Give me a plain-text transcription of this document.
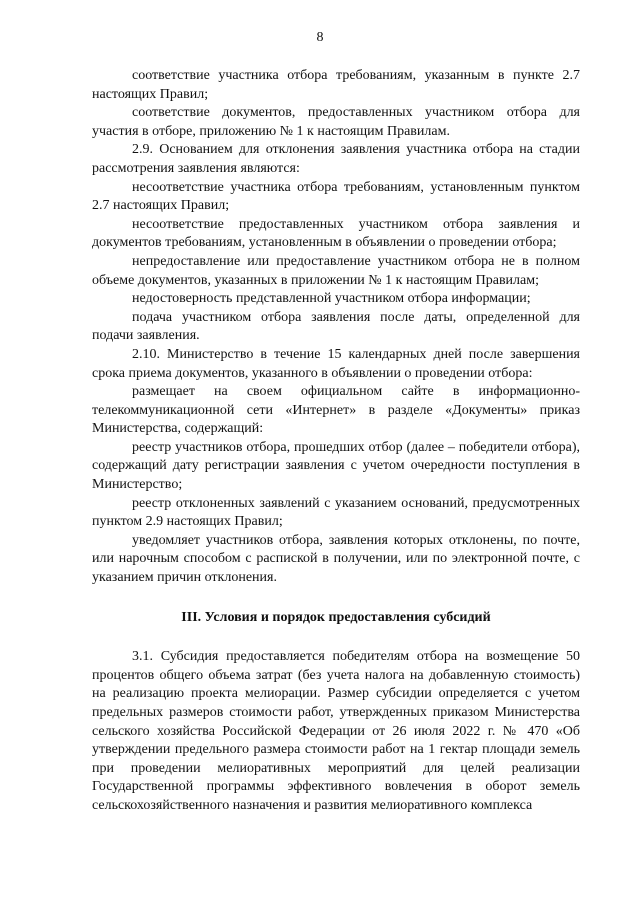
8

соответствие участника отбора требованиям, указанным в пункте 2.7 настоящих Правил;

соответствие документов, предоставленных участником отбора для участия в отборе, приложению № 1 к настоящим Правилам.

2.9. Основанием для отклонения заявления участника отбора на стадии рассмотрения заявления являются:

несоответствие участника отбора требованиям, установленным пунктом 2.7 настоящих Правил;

несоответствие предоставленных участником отбора заявления и документов требованиям, установленным в объявлении о проведении отбора;

непредоставление или предоставление участником отбора не в полном объеме документов, указанных в приложении № 1 к настоящим Правилам;

недостоверность представленной участником отбора информации;

подача участником отбора заявления после даты, определенной для подачи заявления.

2.10. Министерство в течение 15 календарных дней после завершения срока приема документов, указанного в объявлении о проведении отбора:

размещает на своем официальном сайте в информационно-телекоммуникационной сети «Интернет» в разделе «Документы» приказ Министерства, содержащий:

реестр участников отбора, прошедших отбор (далее – победители отбора), содержащий дату регистрации заявления с учетом очередности поступления в Министерство;

реестр отклоненных заявлений с указанием оснований, предусмотренных пунктом 2.9 настоящих Правил;

уведомляет участников отбора, заявления которых отклонены, по почте, или нарочным способом с распиской в получении, или по электронной почте, с указанием причин отклонения.

III. Условия и порядок предоставления субсидий

3.1. Субсидия предоставляется победителям отбора на возмещение 50 процентов общего объема затрат (без учета налога на добавленную стоимость) на реализацию проекта мелиорации. Размер субсидии определяется с учетом предельных размеров стоимости работ, утвержденных приказом Министерства сельского хозяйства Российской Федерации от 26 июля 2022 г. № 470 «Об утверждении предельного размера стоимости работ на 1 гектар площади земель при проведении мелиоративных мероприятий для целей реализации Государственной программы эффективного вовлечения в оборот земель сельскохозяйственного назначения и развития мелиоративного комплекса
